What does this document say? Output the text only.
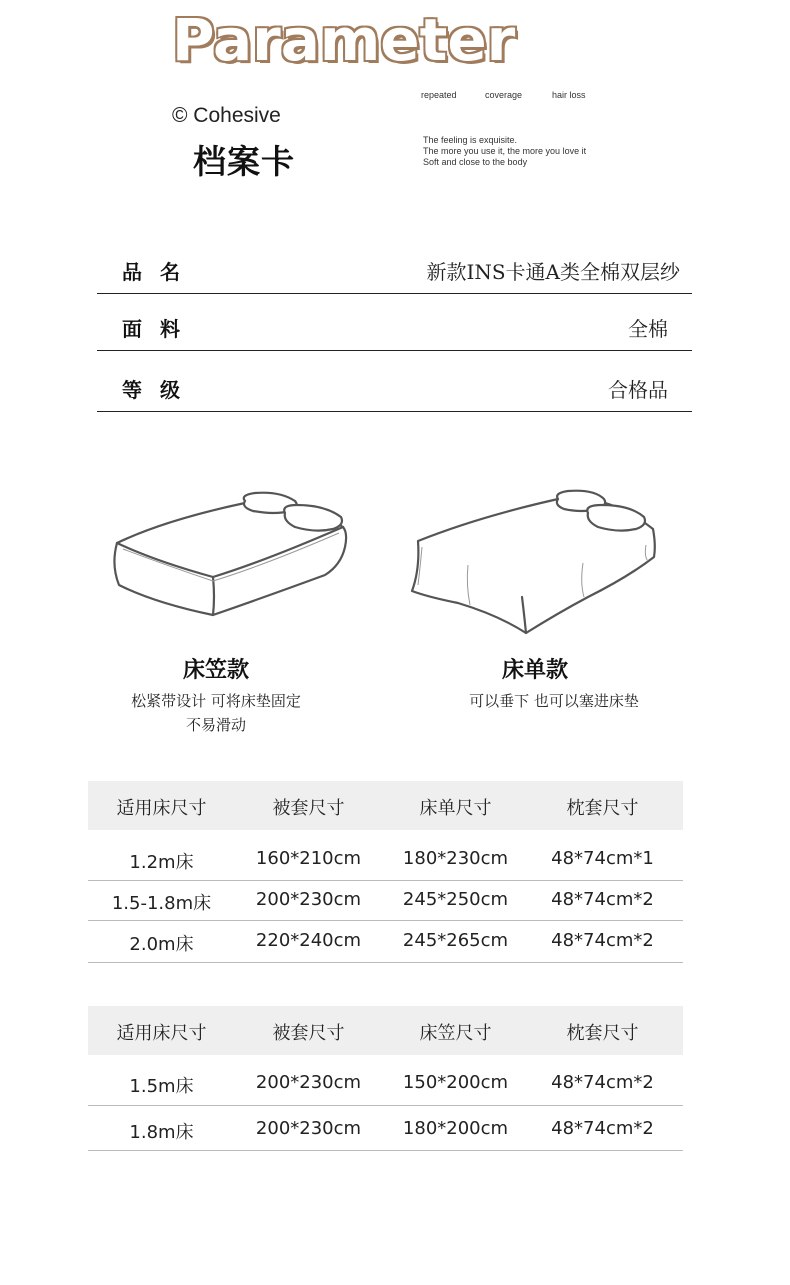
Parameter
© Cohesive
档案卡
repeated	coverage	hair loss
The feeling is exquisite.
The more you use it, the more you love it
Soft and close to the body
品名	新款INS卡通A类全棉双层纱
面料	全棉
等级	合格品
床笠款
松紧带设计 可将床垫固定
不易滑动
床单款
可以垂下 也可以塞进床垫
适用床尺寸	被套尺寸	床单尺寸	枕套尺寸
1.2m床	160*210cm	180*230cm	48*74cm*1
1.5-1.8m床	200*230cm	245*250cm	48*74cm*2
2.0m床	220*240cm	245*265cm	48*74cm*2
适用床尺寸	被套尺寸	床笠尺寸	枕套尺寸
1.5m床	200*230cm	150*200cm	48*74cm*2
1.8m床	200*230cm	180*200cm	48*74cm*2
